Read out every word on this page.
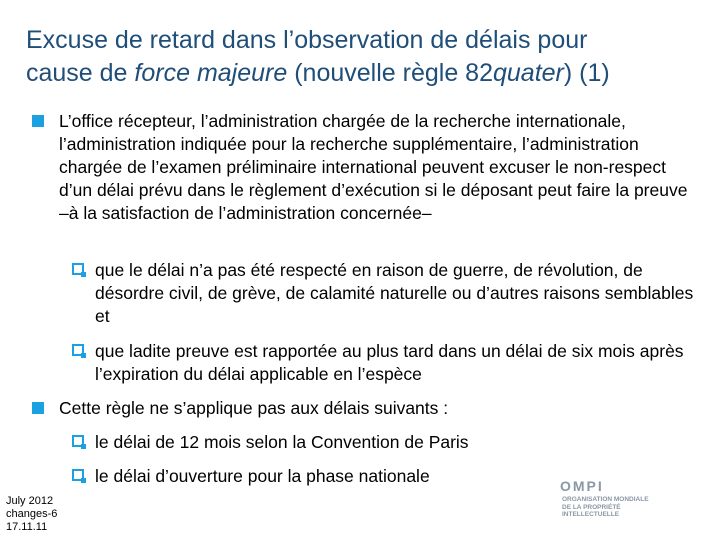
Excuse de retard dans l’observation de délais pour
cause de force majeure (nouvelle règle 82quater) (1)
L’office récepteur, l’administration chargée de la recherche internationale, l’administration indiquée pour la recherche supplémentaire, l’administration chargée de l’examen préliminaire international peuvent excuser le non-respect d’un délai prévu dans le règlement d’exécution si le déposant peut faire la preuve –à la satisfaction de l’administration concernée–
que le délai n’a pas été respecté en raison de guerre, de révolution, de désordre civil, de grève, de calamité naturelle ou d’autres raisons semblables et
que ladite preuve est rapportée au plus tard dans un délai de six mois après l’expiration du délai applicable en l’espèce
Cette règle ne s’applique pas aux délais suivants :
le délai de 12 mois selon la Convention de Paris
le délai d’ouverture pour la phase nationale
July 2012
changes-6
17.11.11
OMPI
ORGANISATION MONDIALE
DE LA PROPRIÉTÉ
INTELLECTUELLE
